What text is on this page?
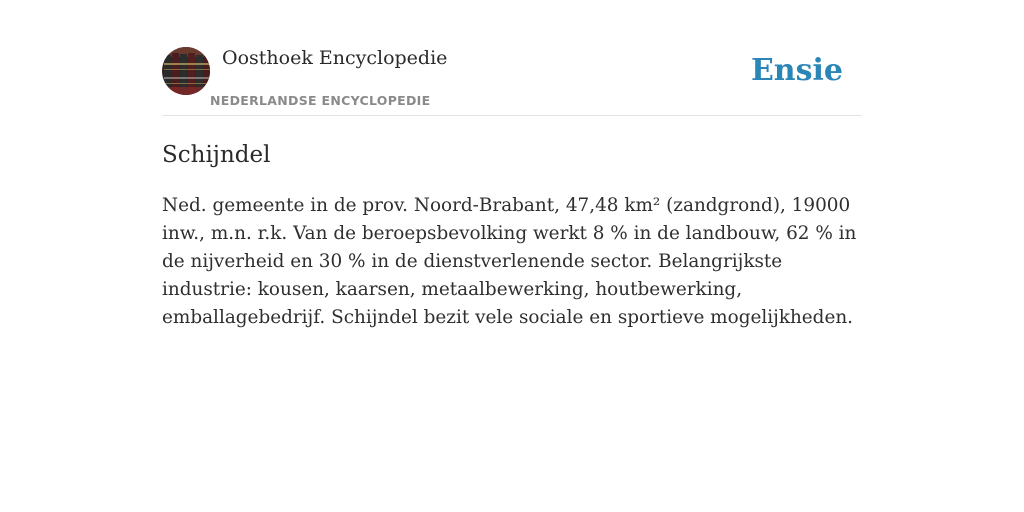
Oosthoek Encyclopedie
NEDERLANDSE ENCYCLOPEDIE
Ensie
Schijndel

Ned. gemeente in de prov. Noord-Brabant, 47,48 km² (zandgrond), 19000 inw., m.n. r.k. Van de beroepsbevolking werkt 8 % in de landbouw, 62 % in de nijverheid en 30 % in de dienstverlenende sector. Belangrijkste industrie: kousen, kaarsen, metaalbewerking, houtbewerking, emballagebedrijf. Schijndel bezit vele sociale en sportieve mogelijkheden.
